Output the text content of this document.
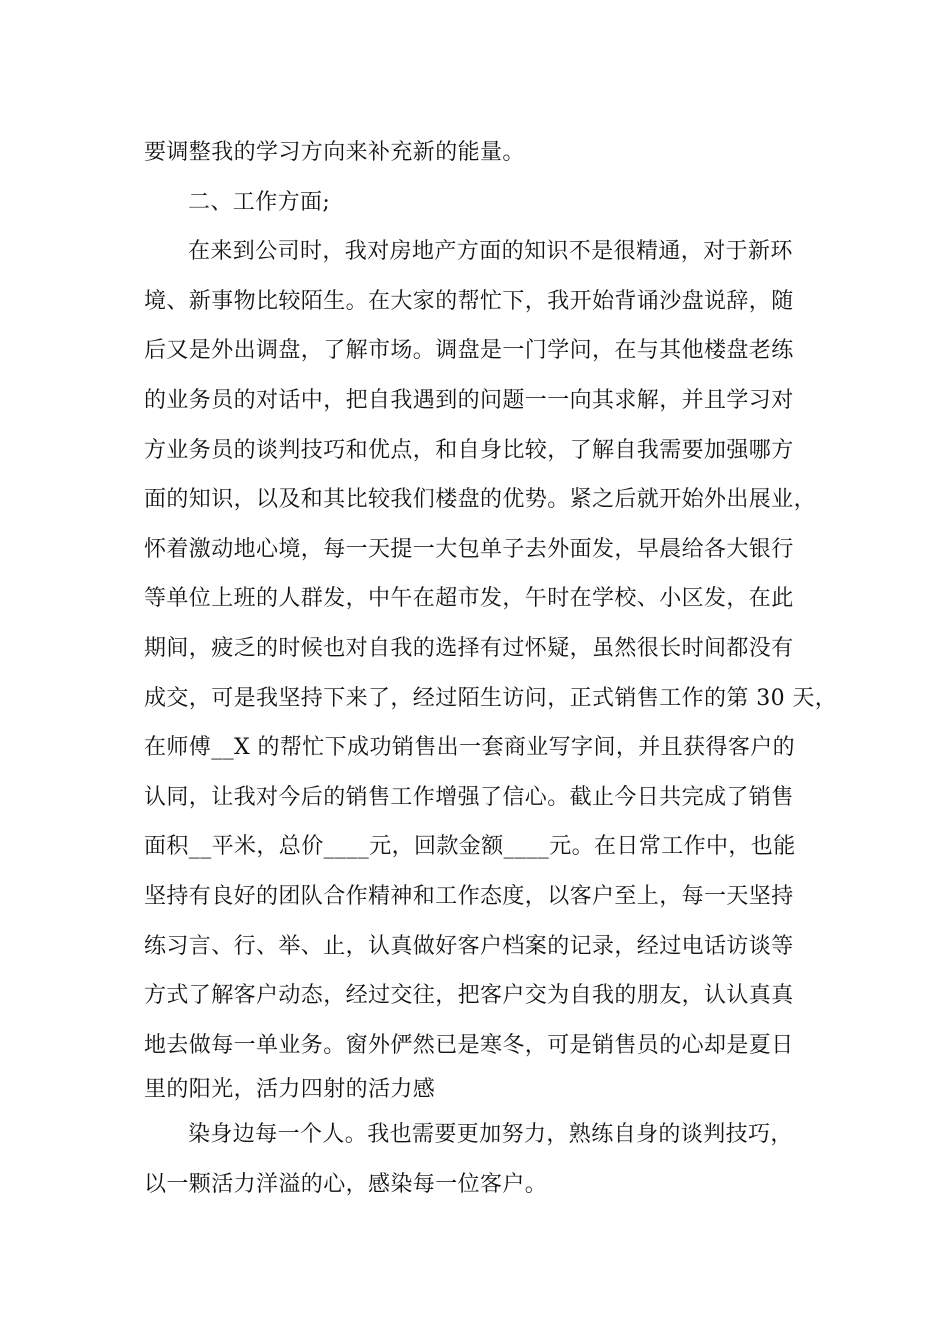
要调整我的学习方向来补充新的能量。
二、工作方面;
在来到公司时，我对房地产方面的知识不是很精通，对于新环
境、新事物比较陌生。在大家的帮忙下，我开始背诵沙盘说辞，随
后又是外出调盘，了解市场。调盘是一门学问，在与其他楼盘老练
的业务员的对话中，把自我遇到的问题一一向其求解，并且学习对
方业务员的谈判技巧和优点，和自身比较，了解自我需要加强哪方
面的知识，以及和其比较我们楼盘的优势。紧之后就开始外出展业，
怀着激动地心境，每一天提一大包单子去外面发，早晨给各大银行
等单位上班的人群发，中午在超市发，午时在学校、小区发，在此
期间，疲乏的时候也对自我的选择有过怀疑，虽然很长时间都没有
成交，可是我坚持下来了，经过陌生访问，正式销售工作的第 30 天，
在师傅__X 的帮忙下成功销售出一套商业写字间，并且获得客户的
认同，让我对今后的销售工作增强了信心。截止今日共完成了销售
面积__平米，总价____元，回款金额____元。在日常工作中，也能
坚持有良好的团队合作精神和工作态度，以客户至上，每一天坚持
练习言、行、举、止，认真做好客户档案的记录，经过电话访谈等
方式了解客户动态，经过交往，把客户交为自我的朋友，认认真真
地去做每一单业务。窗外俨然已是寒冬，可是销售员的心却是夏日
里的阳光，活力四射的活力感
染身边每一个人。我也需要更加努力，熟练自身的谈判技巧，
以一颗活力洋溢的心，感染每一位客户。
